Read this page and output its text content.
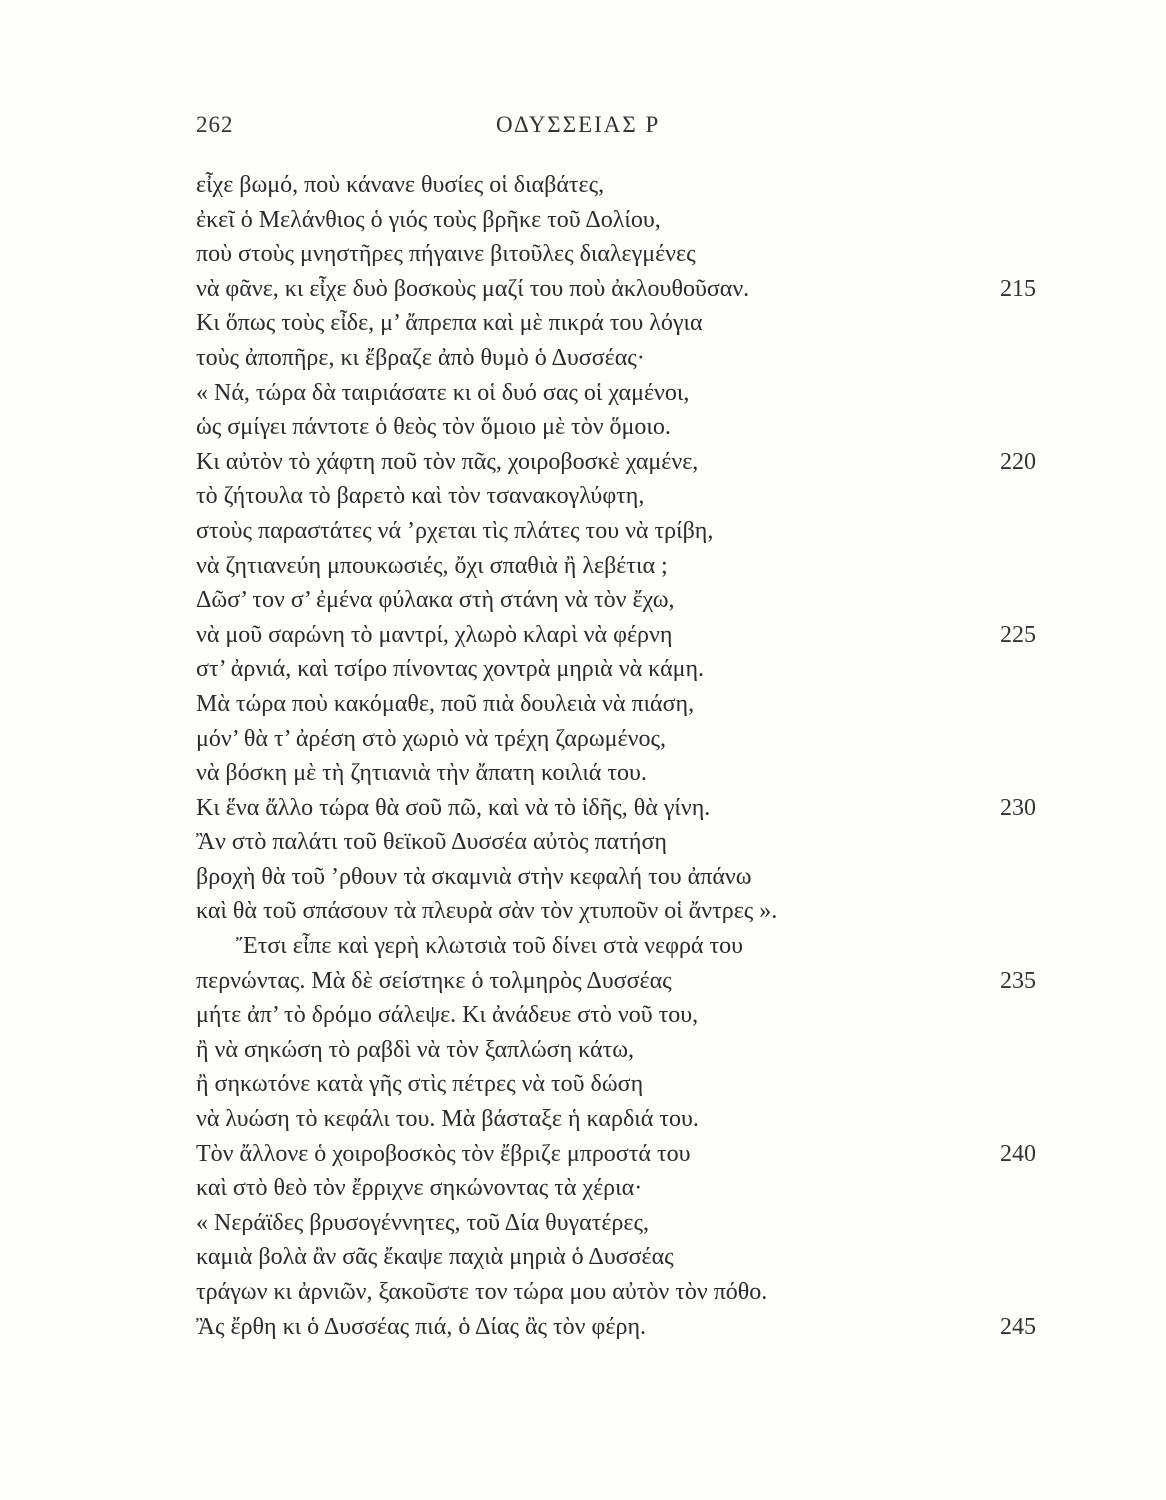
262	ΟΔΥΣΣΕΙΑΣ Ρ
εἶχε βωμό, ποὺ κάνανε θυσίες οἱ διαβάτες,
ἐκεῖ ὁ Μελάνθιος ὁ γιός τοὺς βρῆκε τοῦ Δολίου,
ποὺ στοὺς μνηστῆρες πήγαινε βιτοῦλες διαλεγμένες
νὰ φᾶνε, κι εἶχε δυὸ βοσκοὺς μαζί του ποὺ ἀκλουθοῦσαν.	215
Κι ὅπως τοὺς εἶδε, μ’ ἄπρεπα καὶ μὲ πικρά του λόγια
τοὺς ἀποπῆρε, κι ἔβραζε ἀπὸ θυμὸ ὁ Δυσσέας·
« Νά, τώρα δὰ ταιριάσατε κι οἱ δυό σας οἱ χαμένοι,
ὡς σμίγει πάντοτε ὁ θεὸς τὸν ὅμοιο μὲ τὸν ὅμοιο.
Κι αὐτὸν τὸ χάφτη ποῦ τὸν πᾶς, χοιροβοσκὲ χαμένε,	220
τὸ ζήτουλα τὸ βαρετὸ καὶ τὸν τσανακογλύφτη,
στοὺς παραστάτες νά ’ρχεται τὶς πλάτες του νὰ τρίβη,
νὰ ζητιανεύη μπουκωσιές, ὄχι σπαθιὰ ἢ λεβέτια ;
Δῶσ’ τον σ’ ἐμένα φύλακα στὴ στάνη νὰ τὸν ἔχω,
νὰ μοῦ σαρώνη τὸ μαντρί, χλωρὸ κλαρὶ νὰ φέρνη	225
στ’ ἀρνιά, καὶ τσίρο πίνοντας χοντρὰ μηριὰ νὰ κάμη.
Μὰ τώρα ποὺ κακόμαθε, ποῦ πιὰ δουλειὰ νὰ πιάση,
μόν’ θὰ τ’ ἀρέση στὸ χωριὸ νὰ τρέχη ζαρωμένος,
νὰ βόσκη μὲ τὴ ζητιανιὰ τὴν ἄπατη κοιλιά του.
Κι ἕνα ἄλλο τώρα θὰ σοῦ πῶ, καὶ νὰ τὸ ἰδῆς, θὰ γίνη.	230
Ἂν στὸ παλάτι τοῦ θεϊκοῦ Δυσσέα αὐτὸς πατήση
βροχὴ θὰ τοῦ ’ρθουν τὰ σκαμνιὰ στὴν κεφαλή του ἀπάνω
καὶ θὰ τοῦ σπάσουν τὰ πλευρὰ σὰν τὸν χτυποῦν οἱ ἄντρες ».
Ἔτσι εἶπε καὶ γερὴ κλωτσιὰ τοῦ δίνει στὰ νεφρά του
περνώντας. Μὰ δὲ σείστηκε ὁ τολμηρὸς Δυσσέας	235
μήτε ἀπ’ τὸ δρόμο σάλεψε. Κι ἀνάδευε στὸ νοῦ του,
ἢ νὰ σηκώση τὸ ραβδὶ νὰ τὸν ξαπλώση κάτω,
ἢ σηκωτόνε κατὰ γῆς στὶς πέτρες νὰ τοῦ δώση
νὰ λυώση τὸ κεφάλι του. Μὰ βάσταξε ἡ καρδιά του.
Τὸν ἄλλονε ὁ χοιροβοσκὸς τὸν ἔβριζε μπροστά του	240
καὶ στὸ θεὸ τὸν ἔρριχνε σηκώνοντας τὰ χέρια·
« Νεράϊδες βρυσογέννητες, τοῦ Δία θυγατέρες,
καμιὰ βολὰ ἂν σᾶς ἔκαψε παχιὰ μηριὰ ὁ Δυσσέας
τράγων κι ἀρνιῶν, ξακοῦστε τον τώρα μου αὐτὸν τὸν πόθο.
Ἂς ἔρθη κι ὁ Δυσσέας πιά, ὁ Δίας ἂς τὸν φέρη.	245
